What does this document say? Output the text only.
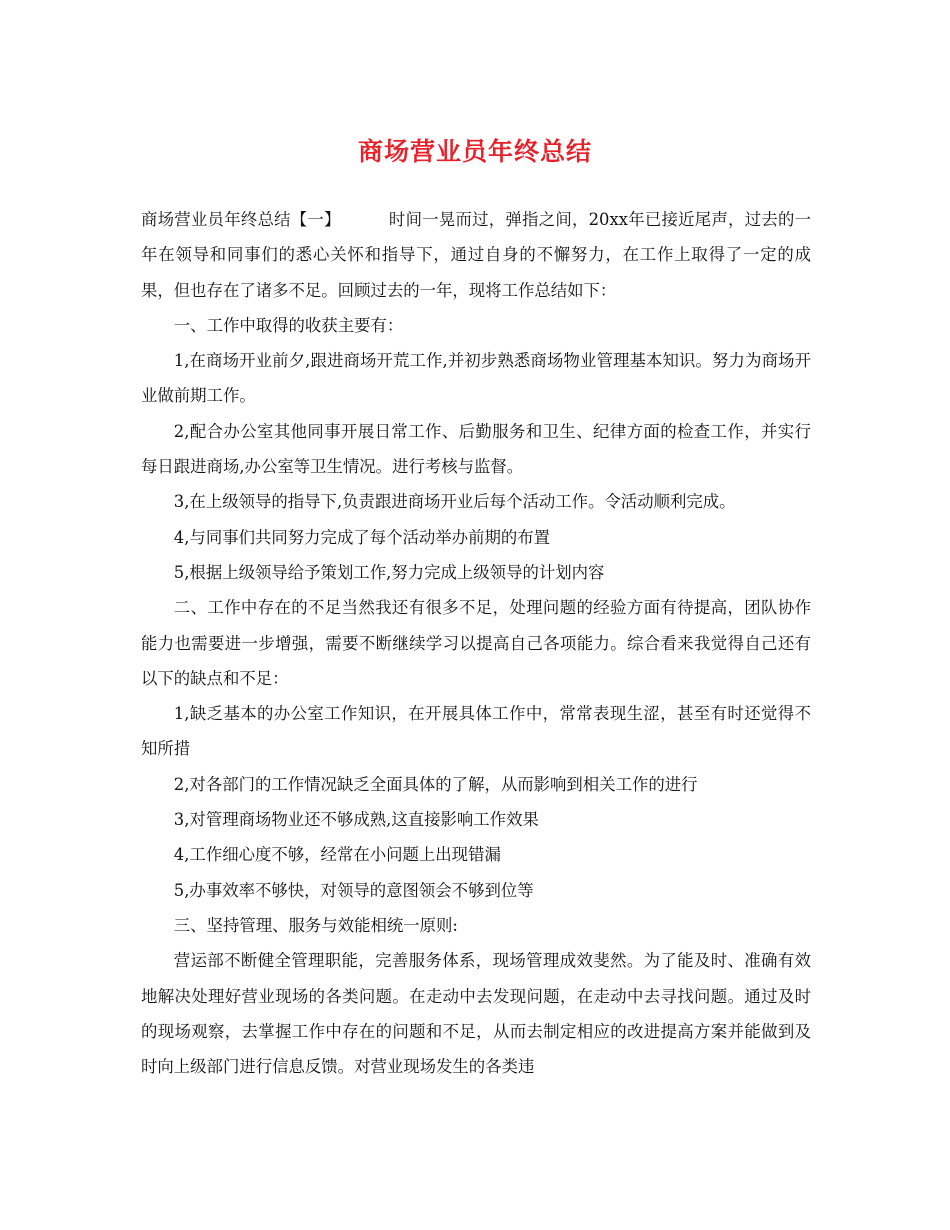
商场营业员年终总结

商场营业员年终总结【一】	时间一晃而过，弹指之间，20xx年已接近尾声，过去的一年在领导和同事们的悉心关怀和指导下，通过自身的不懈努力，在工作上取得了一定的成果，但也存在了诸多不足。回顾过去的一年，现将工作总结如下：

一、工作中取得的收获主要有：

1,在商场开业前夕,跟进商场开荒工作,并初步熟悉商场物业管理基本知识。努力为商场开业做前期工作。

2,配合办公室其他同事开展日常工作、后勤服务和卫生、纪律方面的检查工作，并实行每日跟进商场,办公室等卫生情况。进行考核与监督。

3,在上级领导的指导下,负责跟进商场开业后每个活动工作。令活动顺利完成。

4,与同事们共同努力完成了每个活动举办前期的布置

5,根据上级领导给予策划工作,努力完成上级领导的计划内容

二、工作中存在的不足当然我还有很多不足，处理问题的经验方面有待提高，团队协作能力也需要进一步增强，需要不断继续学习以提高自己各项能力。综合看来我觉得自己还有以下的缺点和不足：

1,缺乏基本的办公室工作知识，在开展具体工作中，常常表现生涩，甚至有时还觉得不知所措

2,对各部门的工作情况缺乏全面具体的了解，从而影响到相关工作的进行

3,对管理商场物业还不够成熟,这直接影响工作效果

4,工作细心度不够，经常在小问题上出现错漏

5,办事效率不够快，对领导的意图领会不够到位等

三、坚持管理、服务与效能相统一原则:

营运部不断健全管理职能，完善服务体系，现场管理成效斐然。为了能及时、准确有效地解决处理好营业现场的各类问题。在走动中去发现问题，在走动中去寻找问题。通过及时的现场观察，去掌握工作中存在的问题和不足，从而去制定相应的改进提高方案并能做到及时向上级部门进行信息反馈。对营业现场发生的各类违
